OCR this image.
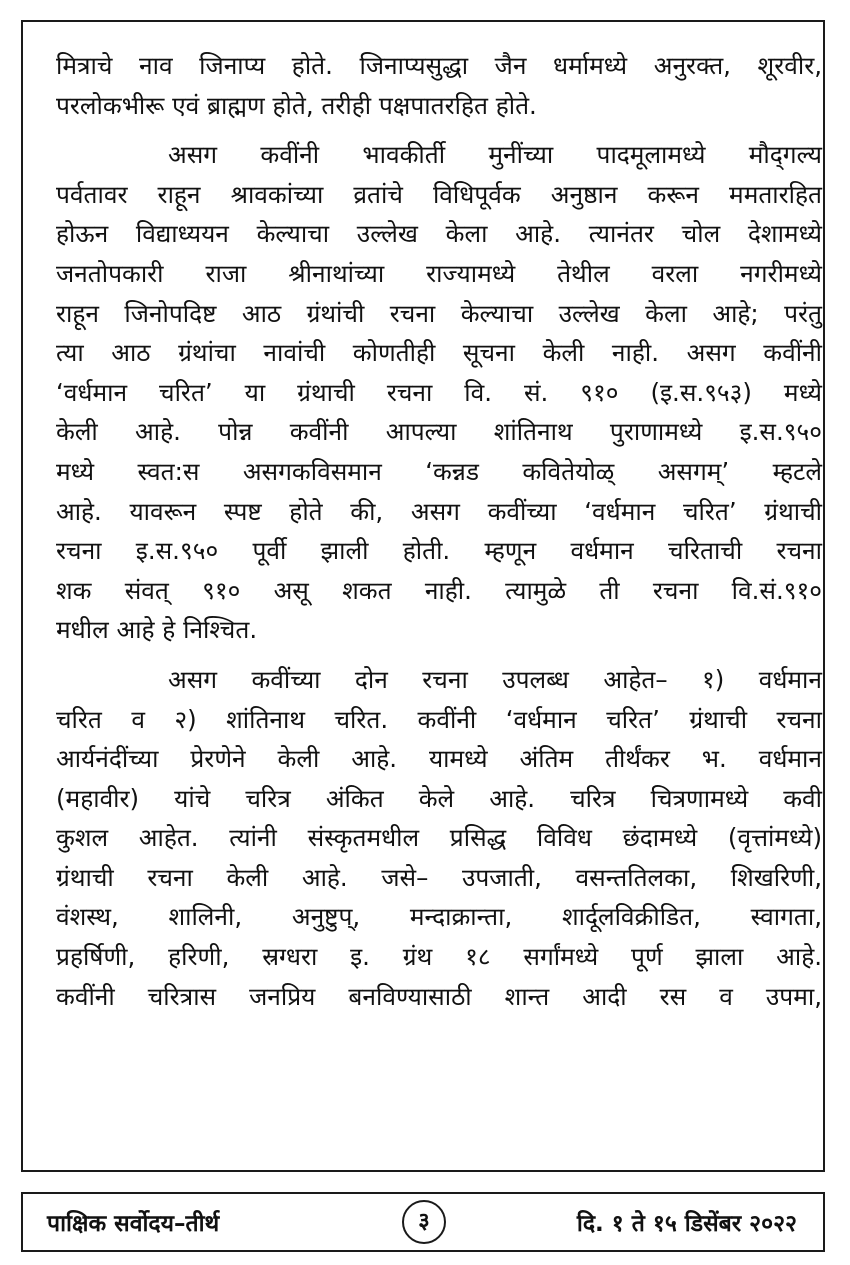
मित्राचे नाव जिनाप्य होते. जिनाप्यसुद्धा जैन धर्मामध्ये अनुरक्त, शूरवीर,
परलोकभीरू एवं ब्राह्मण होते, तरीही पक्षपातरहित होते.
असग कवींनी भावकीर्ती मुनींच्या पादमूलामध्ये मौद्‌गल्य
पर्वतावर राहून श्रावकांच्या व्रतांचे विधिपूर्वक अनुष्ठान करून ममतारहित
होऊन विद्याध्ययन केल्याचा उल्लेख केला आहे. त्यानंतर चोल देशामध्ये
जनतोपकारी राजा श्रीनाथांच्या राज्यामध्ये तेथील वरला नगरीमध्ये
राहून जिनोपदिष्ट आठ ग्रंथांची रचना केल्याचा उल्लेख केला आहे; परंतु
त्या आठ ग्रंथांचा नावांची कोणतीही सूचना केली नाही. असग कवींनी
‘वर्धमान चरित’ या ग्रंथाची रचना वि. सं. ९१० (इ.स.९५३) मध्ये
केली आहे. पोन्न कवींनी आपल्या शांतिनाथ पुराणामध्ये इ.स.९५०
मध्ये स्वत:स असगकविसमान ‘कन्नड कवितेयोळ्‌ असगम्‌’ म्हटले
आहे. यावरून स्पष्ट होते की, असग कवींच्या ‘वर्धमान चरित’ ग्रंथाची
रचना इ.स.९५० पूर्वी झाली होती. म्हणून वर्धमान चरिताची रचना
शक संवत्‌ ९१० असू शकत नाही. त्यामुळे ती रचना वि.सं.९१०
मधील आहे हे निश्‍चित.
असग कवींच्या दोन रचना उपलब्ध आहेत– १) वर्धमान
चरित व २) शांतिनाथ चरित. कवींनी ‘वर्धमान चरित’ ग्रंथाची रचना
आर्यनंदींच्या प्रेरणेने केली आहे. यामध्ये अंतिम तीर्थंकर भ. वर्धमान
(महावीर) यांचे चरित्र अंकित केले आहे. चरित्र चित्रणामध्ये कवी
कुशल आहेत. त्यांनी संस्कृतमधील प्रसिद्ध विविध छंदामध्ये (वृत्तांमध्ये)
ग्रंथाची रचना केली आहे. जसे– उपजाती, वसन्ततिलका, शिखरिणी,
वंशस्थ, शालिनी, अनुष्टुप्‌, मन्दाक्रान्ता, शार्दूलविक्रीडित, स्वागता,
प्रहर्षिणी, हरिणी, स्रग्धरा इ. ग्रंथ १८ सर्गांमध्ये पूर्ण झाला आहे.
कवींनी चरित्रास जनप्रिय बनविण्यासाठी शान्त आदी रस व उपमा,
पाक्षिक सर्वोदय–तीर्थ	३	दि. १ ते १५ डिसेंबर २०२२
